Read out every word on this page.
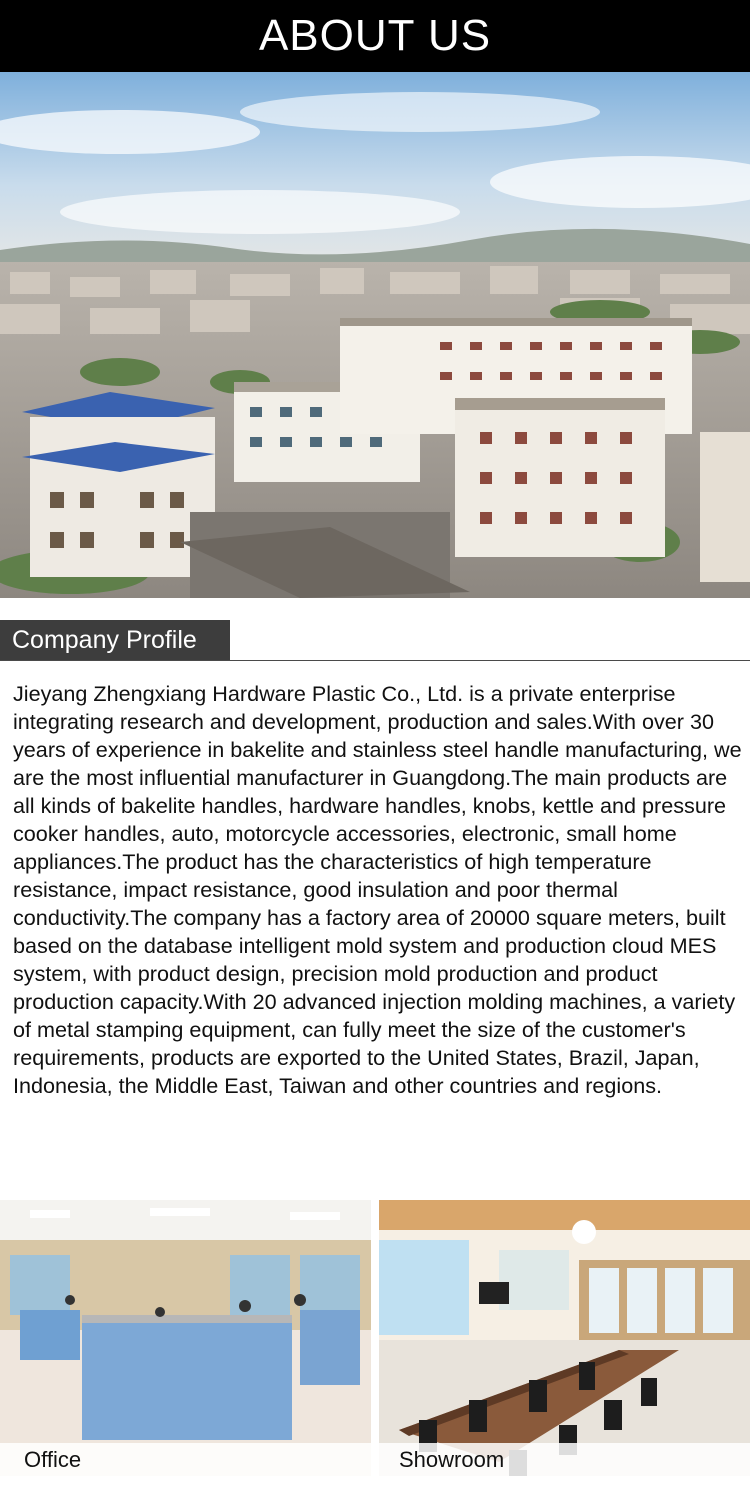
ABOUT US
Company Profile
Jieyang Zhengxiang Hardware Plastic Co., Ltd. is a private enterprise integrating research and development, production and sales.With over 30 years of experience in bakelite and stainless steel handle manufacturing, we are the most influential manufacturer in Guangdong.The main products are all kinds of bakelite handles, hardware handles, knobs, kettle and pressure cooker handles, auto, motorcycle accessories, electronic, small home appliances.The product has the characteristics of high temperature resistance, impact resistance, good insulation and poor thermal conductivity.The company has a factory area of 20000 square meters, built based on the database intelligent mold system and production cloud MES system, with product design, precision mold production and product production capacity.With 20 advanced injection molding machines, a variety of metal stamping equipment, can fully meet the size of the customer's requirements, products are exported to the United States, Brazil, Japan, Indonesia, the Middle East, Taiwan and other countries and regions.
Office	Showroom
